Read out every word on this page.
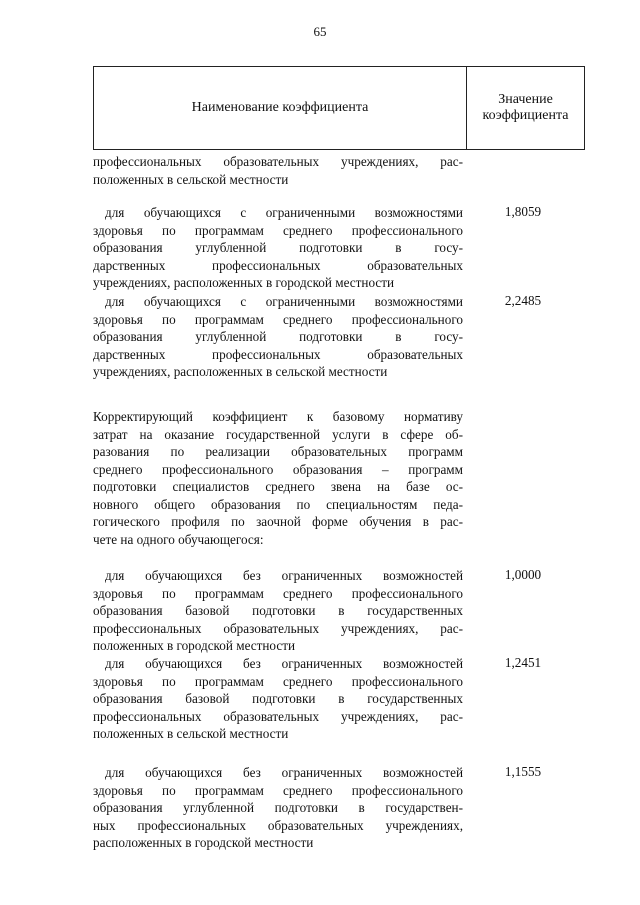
65
Наименование коэффициента
Значение
коэффициента
профессиональных образовательных учреждениях, рас-
положенных в сельской местности
для обучающихся с ограниченными возможностями
здоровья по программам среднего профессионального
образования углубленной подготовки в госу-
дарственных профессиональных образовательных
учреждениях, расположенных в городской местности
1,8059
для обучающихся с ограниченными возможностями
здоровья по программам среднего профессионального
образования углубленной подготовки в госу-
дарственных профессиональных образовательных
учреждениях, расположенных в сельской местности
2,2485
Корректирующий коэффициент к базовому нормативу
затрат на оказание государственной услуги в сфере об-
разования по реализации образовательных программ
среднего профессионального образования – программ
подготовки специалистов среднего звена на базе ос-
новного общего образования по специальностям педа-
гогического профиля по заочной форме обучения в рас-
чете на одного обучающегося:
для обучающихся без ограниченных возможностей
здоровья по программам среднего профессионального
образования базовой подготовки в государственных
профессиональных образовательных учреждениях, рас-
положенных в городской местности
1,0000
для обучающихся без ограниченных возможностей
здоровья по программам среднего профессионального
образования базовой подготовки в государственных
профессиональных образовательных учреждениях, рас-
положенных в сельской местности
1,2451
для обучающихся без ограниченных возможностей
здоровья по программам среднего профессионального
образования углубленной подготовки в государствен-
ных профессиональных образовательных учреждениях,
расположенных в городской местности
1,1555
